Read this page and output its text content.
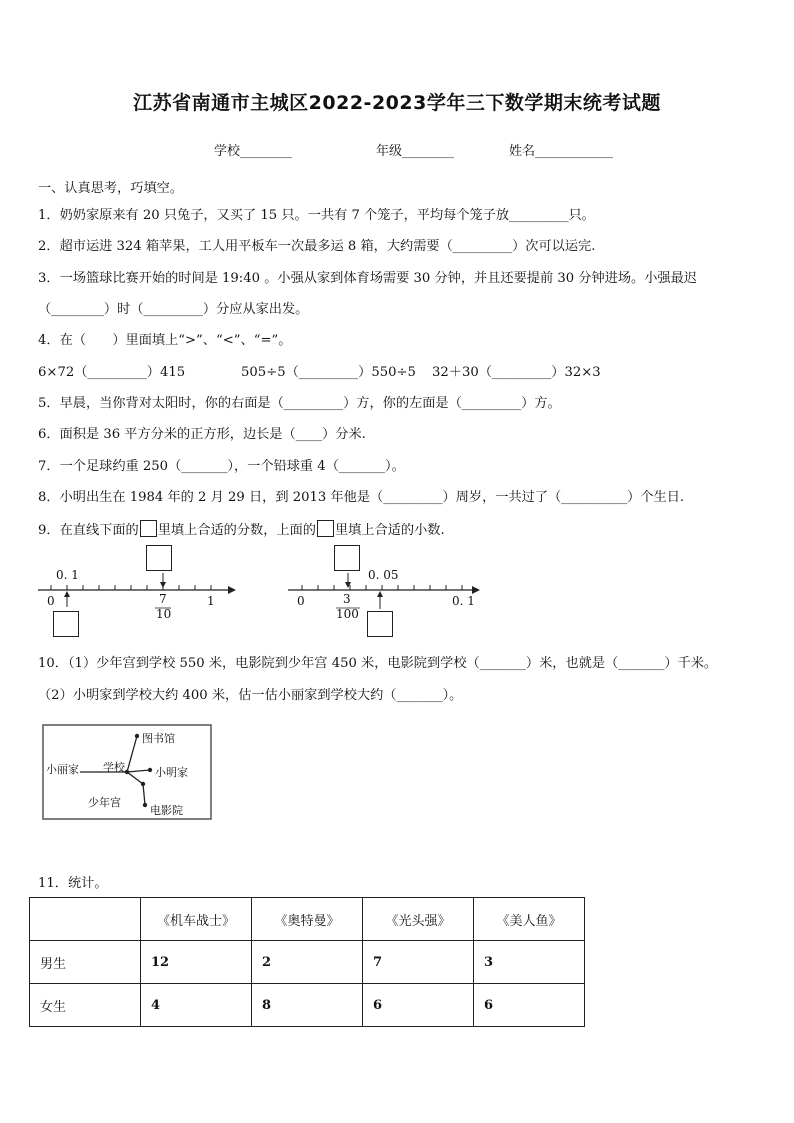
江苏省南通市主城区2022-2023学年三下数学期末统考试题
学校________	年级________	姓名____________
一、认真思考，巧填空。
1．奶奶家原来有 20 只兔子，又买了 15 只。一共有 7 个笼子，平均每个笼子放_________只。
2．超市运进 324 箱苹果，工人用平板车一次最多运 8 箱，大约需要（_________）次可以运完.
3．一场篮球比赛开始的时间是 19:40 。小强从家到体育场需要 30 分钟，并且还要提前 30 分钟进场。小强最迟
（________）时（_________）分应从家出发。
4．在（　　）里面填上“>”、“<”、“=”。
6×72（_________）415	505÷5（_________）550÷5 32＋30（_________）32×3
5．早晨，当你背对太阳时，你的右面是（_________）方，你的左面是（_________）方。
6．面积是 36 平方分米的正方形，边长是（____）分米.
7．一个足球约重 250（_______），一个铅球重 4（_______）。
8．小明出生在 1984 年的 2 月 29 日，到 2013 年他是（_________）周岁，一共过了（__________）个生日.
9．在直线下面的 里填上合适的分数，上面的 里填上合适的小数.
0. 1
0	7
10
1
0. 05
0	3
100
0. 1
10．（1）少年宫到学校 550 米，电影院到少年宫 450 米，电影院到学校（_______）米，也就是（_______）千米。
（2）小明家到学校大约 400 米，估一估小丽家到学校大约（_______）。
图书馆
小丽家 学校	小明家
少年宫
电影院
11．统计。
	《机车战士》	《奥特曼》	《光头强》	《美人鱼》
男生	12	2	7	3
女生	4	8	6	6
